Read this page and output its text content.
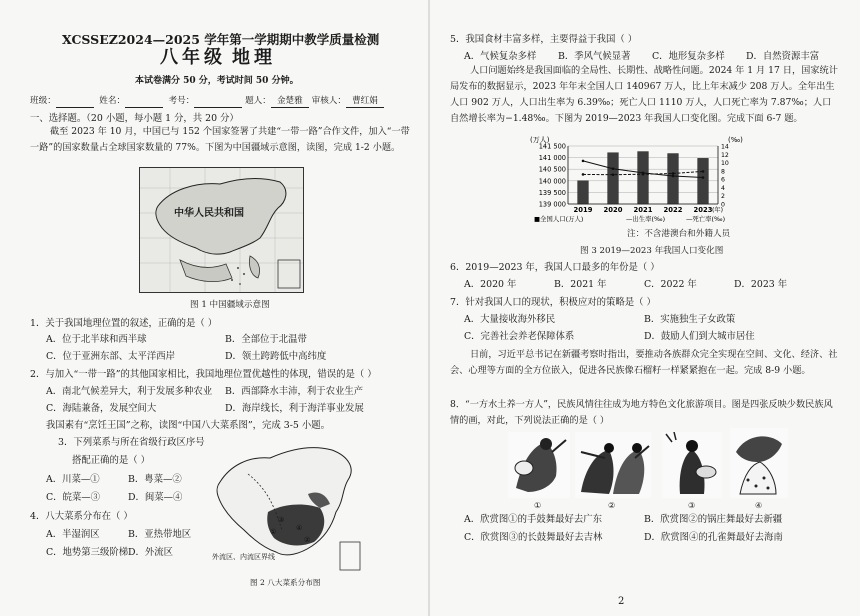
XCSSEZ2024—2025 学年第一学期期中教学质量检测
八年级 地理
本试卷满分 50 分，考试时间 50 分钟。
班级：	姓名：	考号：	题人： 金楚雅 审核人： 曹红娟
一、选择题。（20 小题，每小题 1 分，共 20 分）
截至 2023 年 10 月，中国已与 152 个国家签署了共建“一带一路”合作文件，加入“一带一路”的国家数量占全球国家数量的 77%。下图为中国疆域示意图，读图，完成 1-2 小题。
中华人民共和国
图 1 中国疆域示意图
1．关于我国地理位置的叙述，正确的是（ ）
A．位于北半球和西半球	B．全部位于北温带
C．位于亚洲东部、太平洋西岸	D．领土跨跨低中高纬度
2．与加入“一带一路”的其他国家相比，我国地理位置优越性的体现，错误的是（ ）
A．南北气候差异大，利于发展多种农业 B．西部降水丰沛，利于农业生产
C．海陆兼备，发展空间大	D．海岸线长，利于海洋事业发展
我国素有“烹饪王国”之称，读图“中国八大菜系图”，完成 3-5 小题。
3．下列菜系与所在省级行政区序号
搭配正确的是（ ）
A．川菜—①	B．粤菜—②
C．皖菜—③	D．闽菜—④
4．八大菜系分布在（ ）
A．半湿润区	B．亚热带地区
C．地势第三级阶梯 D．外流区
③
④
①
②
外流区、内流区界线
图 2 八大菜系分布图
5．我国食材丰富多样，主要得益于我国（ ）
A．气候复杂多样 B．季风气候显著 C．地形复杂多样 D．自然资源丰富
人口问题始终是我国面临的全局性、长期性、战略性问题。2024 年 1 月 17 日，国家统计局发布的数据显示，2023 年年末全国人口 140967 万人，比上年末减少 208 万人。全年出生人口 902 万人，人口出生率为 6.39‰；死亡人口 1110 万人，人口死亡率为 7.87‰；人口自然增长率为−1.48‰。下图为 2019—2023 年我国人口变化图。完成下面 6-7 题。
(万人)	(‰)
141 500
141 000
140 500
140 000
139 500
139 000
14
12
10
8
6
4
2
0
2019 2020 2021 2022 2023 (年)
■全国人口(万人)	—出生率(‰)	—死亡率(‰)
注：不含港澳台和外籍人员
图 3 2019—2023 年我国人口变化图
6．2019—2023 年，我国人口最多的年份是（ ）
A．2020 年	B．2021 年	C．2022 年	D．2023 年
7．针对我国人口的现状，积极应对的策略是（ ）
A．大量接收海外移民	B．实施独生子女政策
C．完善社会养老保障体系	D．鼓励人们到大城市居住
日前，习近平总书记在新疆考察时指出，要推动各族群众完全实现在空间、文化、经济、社会、心理等方面的全方位嵌入，促进各民族像石榴籽一样紧紧抱在一起。完成 8-9 小题。
8．“一方水土养一方人”，民族风情往往成为地方特色文化旅游项目。图是四张反映少数民族风情的画，对此，下列说法正确的是（ ）
①	②	③	④
A．欣赏图①的手鼓舞最好去广东	B．欣赏图②的锅庄舞最好去新疆
C．欣赏图③的长鼓舞最好去吉林	D．欣赏图④的孔雀舞最好去海南
2
